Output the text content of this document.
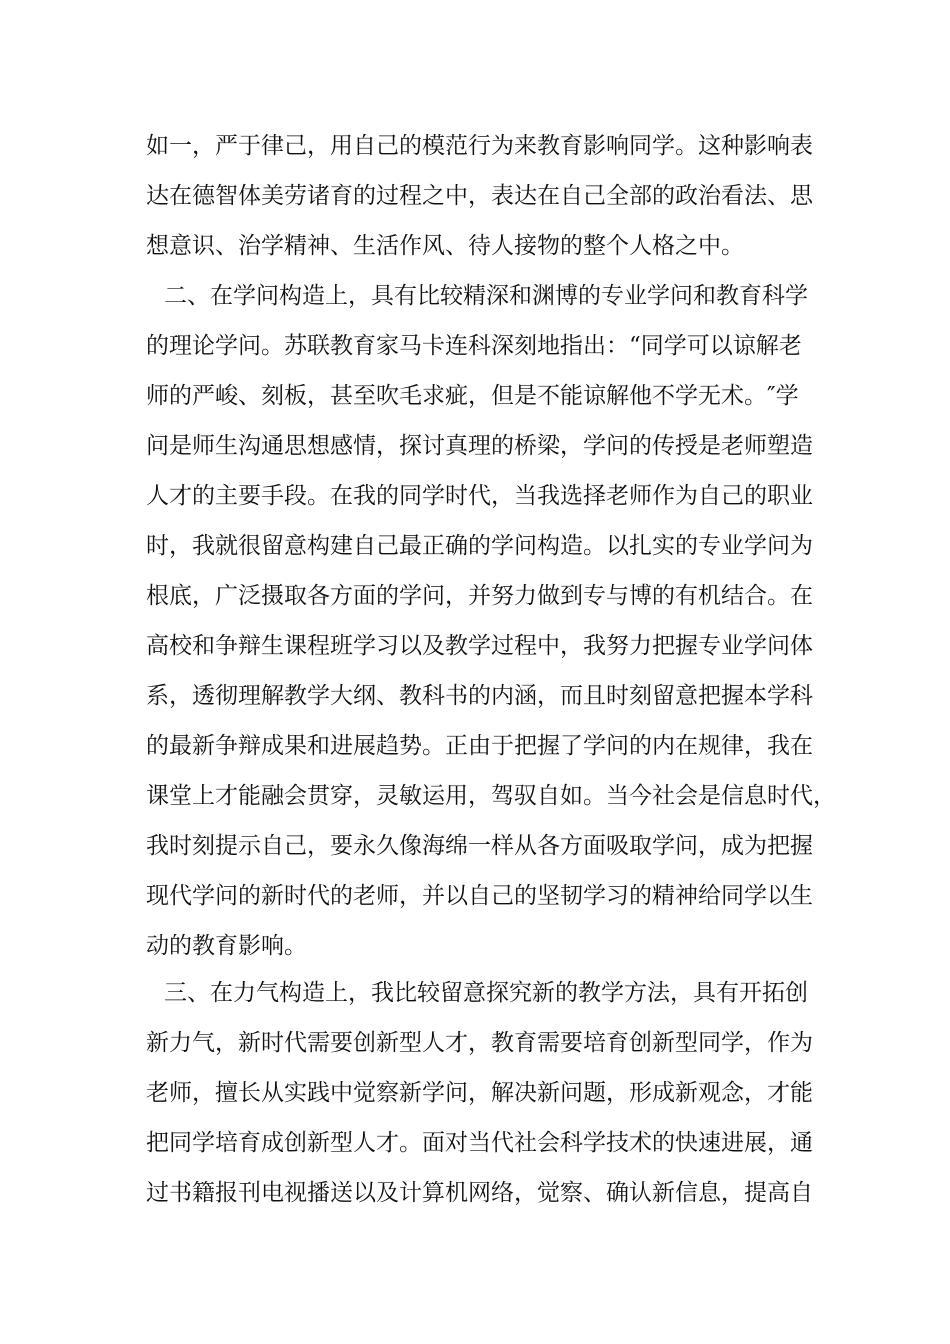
如一，严于律己，用自己的模范行为来教育影响同学。这种影响表
达在德智体美劳诸育的过程之中，表达在自己全部的政治看法、思
想意识、治学精神、生活作风、待人接物的整个人格之中。
二、在学问构造上，具有比较精深和渊博的专业学问和教育科学
的理论学问。苏联教育家马卡连科深刻地指出：“同学可以谅解老
师的严峻、刻板，甚至吹毛求疵，但是不能谅解他不学无术。″学
问是师生沟通思想感情，探讨真理的桥梁，学问的传授是老师塑造
人才的主要手段。在我的同学时代，当我选择老师作为自己的职业
时，我就很留意构建自己最正确的学问构造。以扎实的专业学问为
根底，广泛摄取各方面的学问，并努力做到专与博的有机结合。在
高校和争辩生课程班学习以及教学过程中，我努力把握专业学问体
系，透彻理解教学大纲、教科书的内涵，而且时刻留意把握本学科
的最新争辩成果和进展趋势。正由于把握了学问的内在规律，我在
课堂上才能融会贯穿，灵敏运用，驾驭自如。当今社会是信息时代，
我时刻提示自己，要永久像海绵一样从各方面吸取学问，成为把握
现代学问的新时代的老师，并以自己的坚韧学习的精神给同学以生
动的教育影响。
三、在力气构造上，我比较留意探究新的教学方法，具有开拓创
新力气，新时代需要创新型人才，教育需要培育创新型同学，作为
老师，擅长从实践中觉察新学问，解决新问题，形成新观念，才能
把同学培育成创新型人才。面对当代社会科学技术的快速进展，通
过书籍报刊电视播送以及计算机网络，觉察、确认新信息，提高自
